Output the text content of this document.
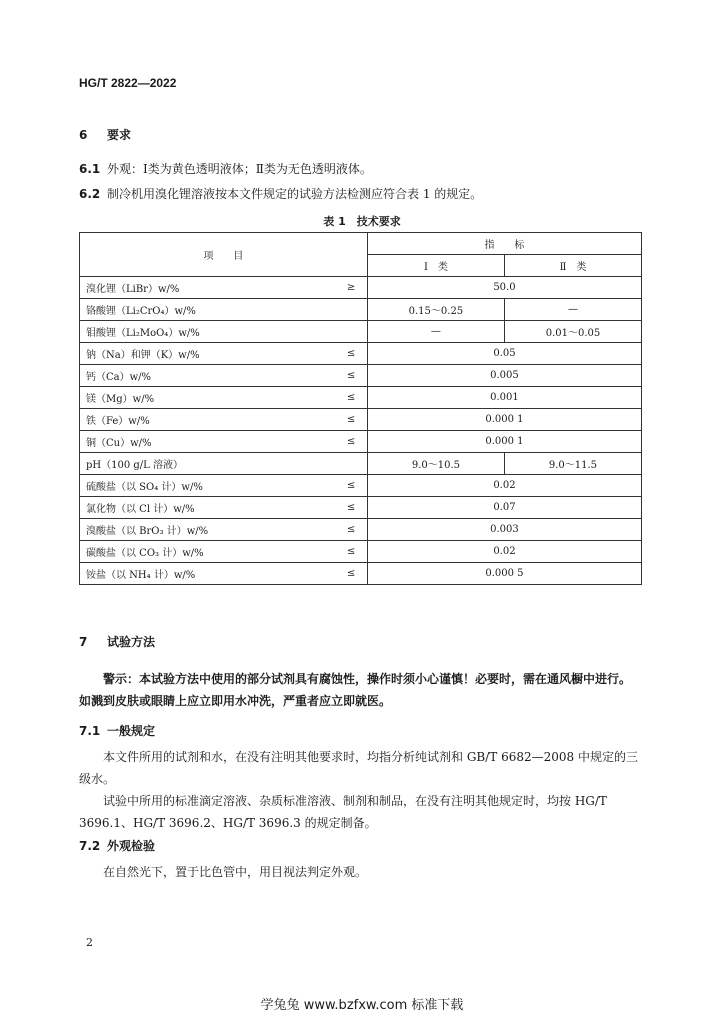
HG/T 2822—2022
6 要求
6.1 外观：Ⅰ类为黄色透明液体；Ⅱ类为无色透明液体。
6.2 制冷机用溴化锂溶液按本文件规定的试验方法检测应符合表 1 的规定。
表 1　技术要求
项　　目		指　　标	
		Ⅰ　类	Ⅱ　类
溴化锂（LiBr）w/%	≥	50.0	
铬酸锂（Li₂CrO₄）w/%		0.15～0.25	—
钼酸锂（Li₂MoO₄）w/%		—	0.01～0.05
钠（Na）和钾（K）w/%	≤	0.05	
钙（Ca）w/%	≤	0.005	
镁（Mg）w/%	≤	0.001	
铁（Fe）w/%	≤	0.000 1	
铜（Cu）w/%	≤	0.000 1	
pH（100 g/L 溶液）		9.0～10.5	9.0～11.5
硫酸盐（以 SO₄ 计）w/%	≤	0.02	
氯化物（以 Cl 计）w/%	≤	0.07	
溴酸盐（以 BrO₃ 计）w/%	≤	0.003	
碳酸盐（以 CO₃ 计）w/%	≤	0.02	
铵盐（以 NH₄ 计）w/%	≤	0.000 5	
7 试验方法
警示：本试验方法中使用的部分试剂具有腐蚀性，操作时须小心谨慎！必要时，需在通风橱中进行。如溅到皮肤或眼睛上应立即用水冲洗，严重者应立即就医。
7.1 一般规定
本文件所用的试剂和水，在没有注明其他要求时，均指分析纯试剂和 GB/T 6682—2008 中规定的三级水。
试验中所用的标准滴定溶液、杂质标准溶液、制剂和制品，在没有注明其他规定时，均按 HG/T 3696.1、HG/T 3696.2、HG/T 3696.3 的规定制备。
7.2 外观检验
在自然光下，置于比色管中，用目视法判定外观。
2
学兔兔 www.bzfxw.com 标准下载
